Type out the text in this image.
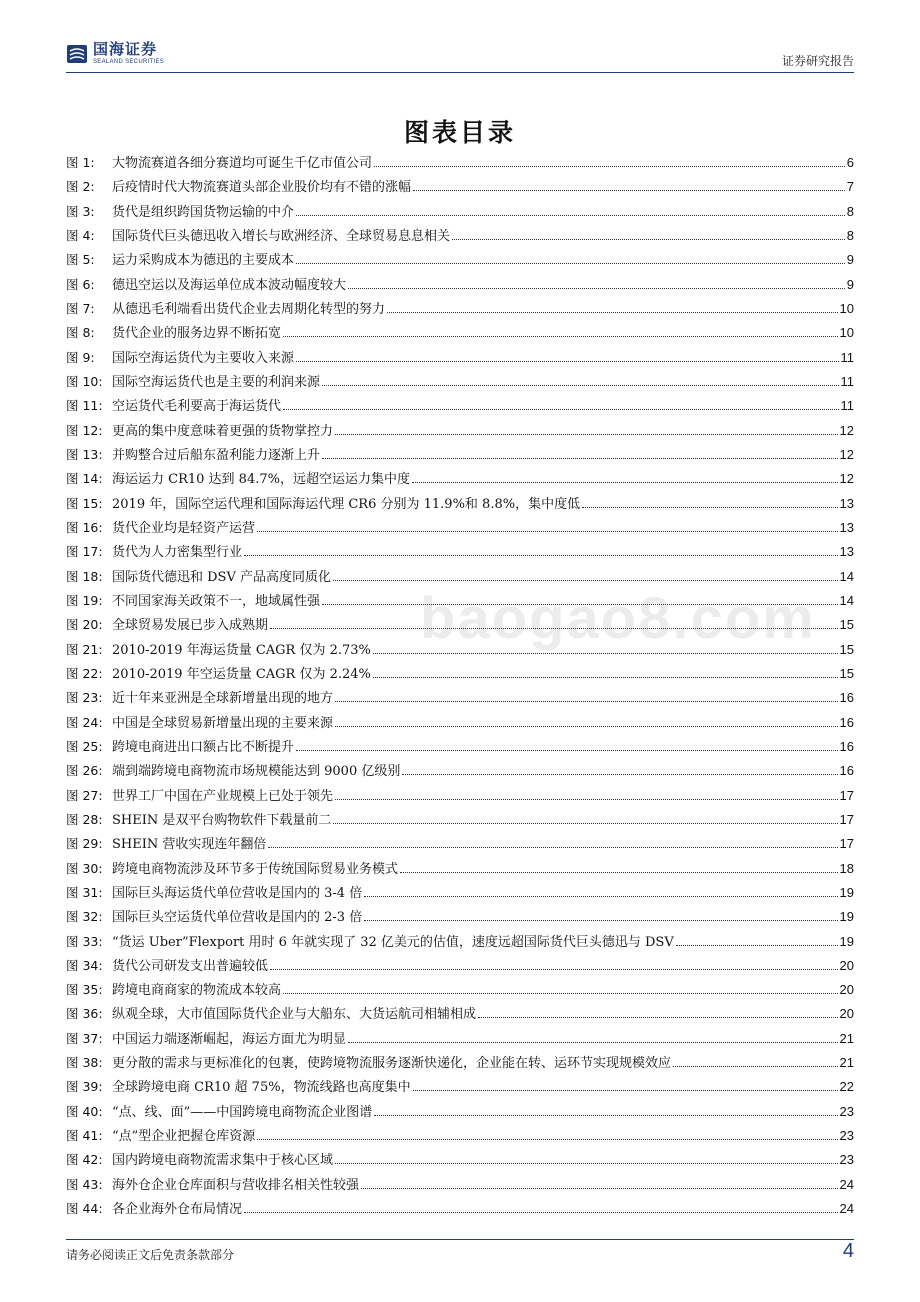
国海证券
SEALAND SECURITIES	证券研究报告
图表目录
baogao8.com
图 1:	大物流赛道各细分赛道均可诞生千亿市值公司	6
图 2:	后疫情时代大物流赛道头部企业股价均有不错的涨幅	7
图 3:	货代是组织跨国货物运输的中介	8
图 4:	国际货代巨头德迅收入增长与欧洲经济、全球贸易息息相关	8
图 5:	运力采购成本为德迅的主要成本	9
图 6:	德迅空运以及海运单位成本波动幅度较大	9
图 7:	从德迅毛利端看出货代企业去周期化转型的努力	10
图 8:	货代企业的服务边界不断拓宽	10
图 9:	国际空海运货代为主要收入来源	11
图 10: 国际空海运货代也是主要的利润来源	11
图 11: 空运货代毛利要高于海运货代	11
图 12: 更高的集中度意味着更强的货物掌控力	12
图 13: 并购整合过后船东盈利能力逐渐上升	12
图 14: 海运运力 CR10 达到 84.7%，远超空运运力集中度	12
图 15: 2019 年，国际空运代理和国际海运代理 CR6 分别为 11.9%和 8.8%，集中度低	13
图 16: 货代企业均是轻资产运营	13
图 17: 货代为人力密集型行业	13
图 18: 国际货代德迅和 DSV 产品高度同质化	14
图 19: 不同国家海关政策不一，地域属性强	14
图 20: 全球贸易发展已步入成熟期	15
图 21: 2010-2019 年海运货量 CAGR 仅为 2.73%	15
图 22: 2010-2019 年空运货量 CAGR 仅为 2.24%	15
图 23: 近十年来亚洲是全球新增量出现的地方	16
图 24: 中国是全球贸易新增量出现的主要来源	16
图 25: 跨境电商进出口额占比不断提升	16
图 26: 端到端跨境电商物流市场规模能达到 9000 亿级别	16
图 27: 世界工厂中国在产业规模上已处于领先	17
图 28: SHEIN 是双平台购物软件下载量前二	17
图 29: SHEIN 营收实现连年翻倍	17
图 30: 跨境电商物流涉及环节多于传统国际贸易业务模式	18
图 31: 国际巨头海运货代单位营收是国内的 3-4 倍	19
图 32: 国际巨头空运货代单位营收是国内的 2-3 倍	19
图 33: “货运 Uber”Flexport 用时 6 年就实现了 32 亿美元的估值，速度远超国际货代巨头德迅与 DSV	19
图 34: 货代公司研发支出普遍较低	20
图 35: 跨境电商商家的物流成本较高	20
图 36: 纵观全球，大市值国际货代企业与大船东、大货运航司相辅相成	20
图 37: 中国运力端逐渐崛起，海运方面尤为明显	21
图 38: 更分散的需求与更标准化的包裹，使跨境物流服务逐渐快递化，企业能在转、运环节实现规模效应	21
图 39: 全球跨境电商 CR10 超 75%，物流线路也高度集中	22
图 40: “点、线、面”——中国跨境电商物流企业图谱	23
图 41: “点”型企业把握仓库资源	23
图 42: 国内跨境电商物流需求集中于核心区域	23
图 43: 海外仓企业仓库面积与营收排名相关性较强	24
图 44: 各企业海外仓布局情况	24
请务必阅读正文后免责条款部分	4
